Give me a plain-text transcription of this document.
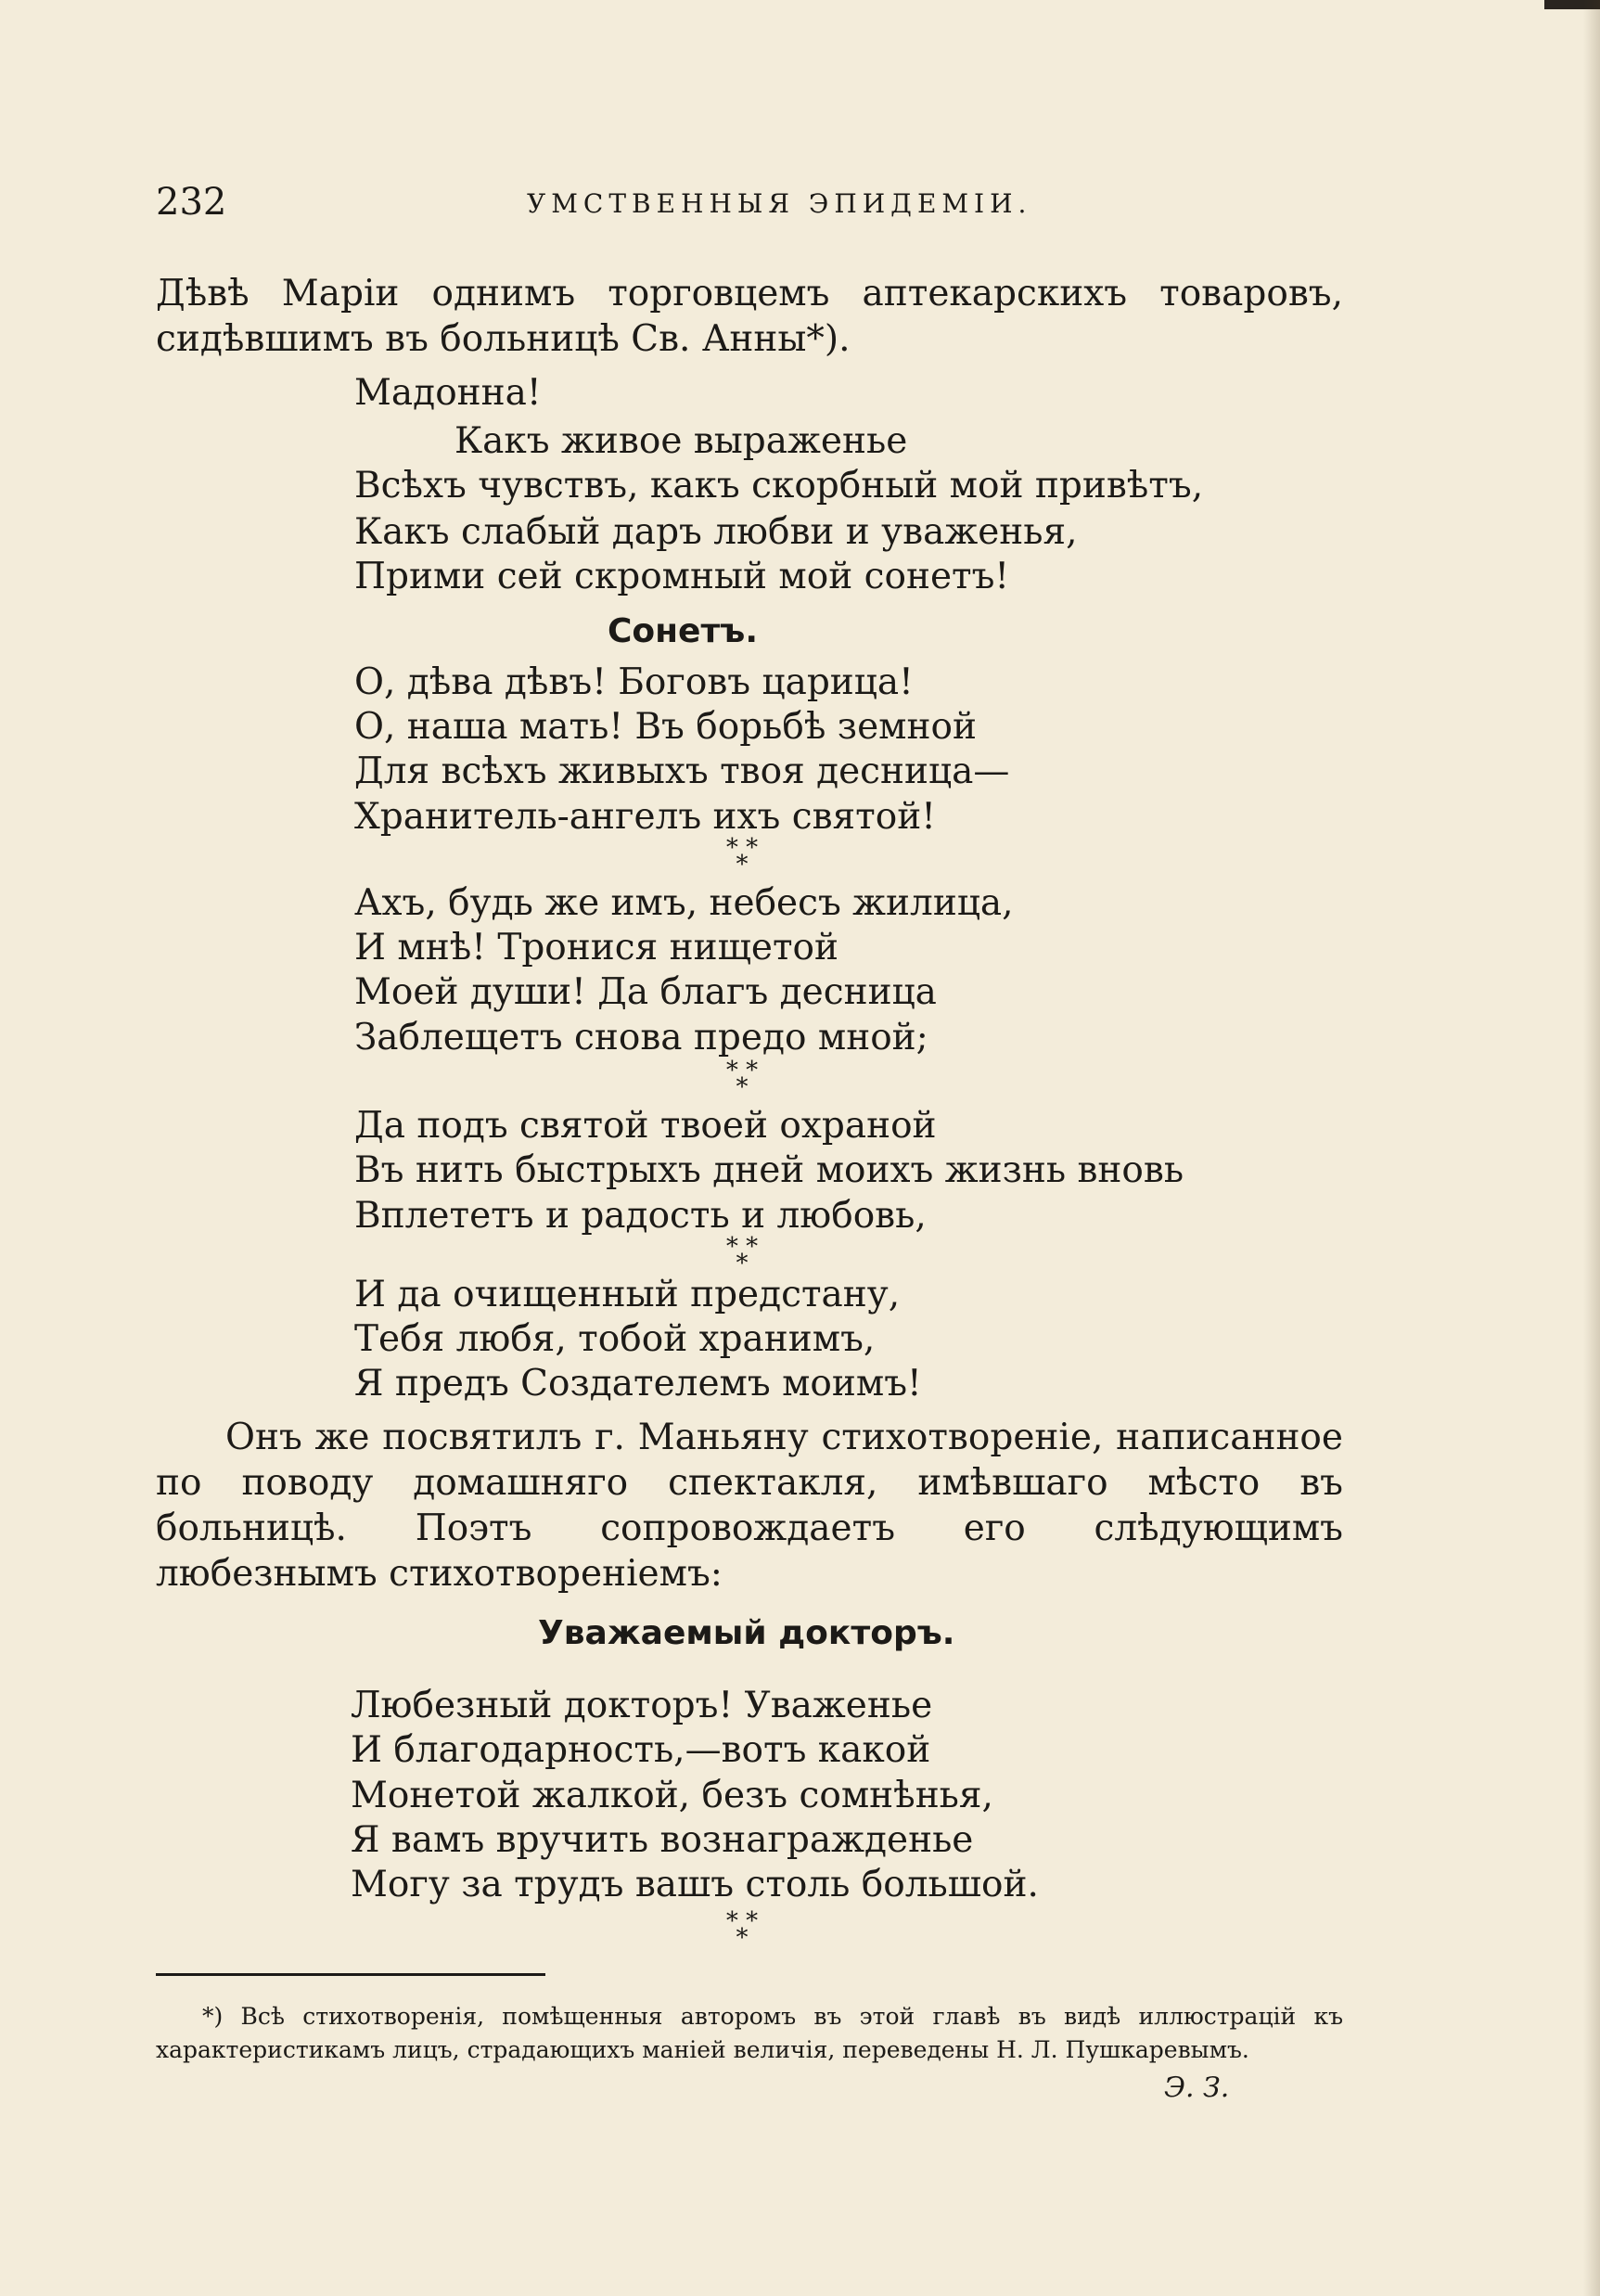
232	УМСТВЕННЫЯ ЭПИДЕМIИ.
Дѣвѣ Марiи однимъ торговцемъ аптекарскихъ товаровъ, сидѣвшимъ въ больницѣ Св. Анны*).
Мадонна!
Какъ живое выраженье
Всѣхъ чувствъ, какъ скорбный мой привѣтъ,
Какъ слабый даръ любви и уваженья,
Прими сей скромный мой сонетъ!
Сонетъ.
О, дѣва дѣвъ! Боговъ царица!
О, наша мать! Въ борьбѣ земной
Для всѣхъ живыхъ твоя десница—
Хранитель-ангелъ ихъ святой!
* * *
Ахъ, будь же имъ, небесъ жилица,
И мнѣ! Тронися нищетой
Моей души! Да благъ десница
Заблещетъ снова предо мной;
* * *
Да подъ святой твоей охраной
Въ нить быстрыхъ дней моихъ жизнь вновь
Вплететъ и радость и любовь,
* * *
И да очищенный предстану,
Тебя любя, тобой хранимъ,
Я предъ Создателемъ моимъ!
Онъ же посвятилъ г. Маньяну стихотворенiе, написанное по поводу домашняго спектакля, имѣвшаго мѣсто въ больницѣ. Поэтъ сопровождаетъ его слѣдующимъ любезнымъ стихотворенiемъ:
Уважаемый докторъ.
Любезный докторъ! Уваженье
И благодарность,—вотъ какой
Монетой жалкой, безъ сомнѣнья,
Я вамъ вручить вознагражденье
Могу за трудъ вашъ столь большой.
* * *
*) Всѣ стихотворенiя, помѣщенныя авторомъ въ этой главѣ въ видѣ иллюстрацiй къ характеристикамъ лицъ, страдающихъ манiей величiя, переведены Н. Л. Пушкаревымъ.
Э. З.
